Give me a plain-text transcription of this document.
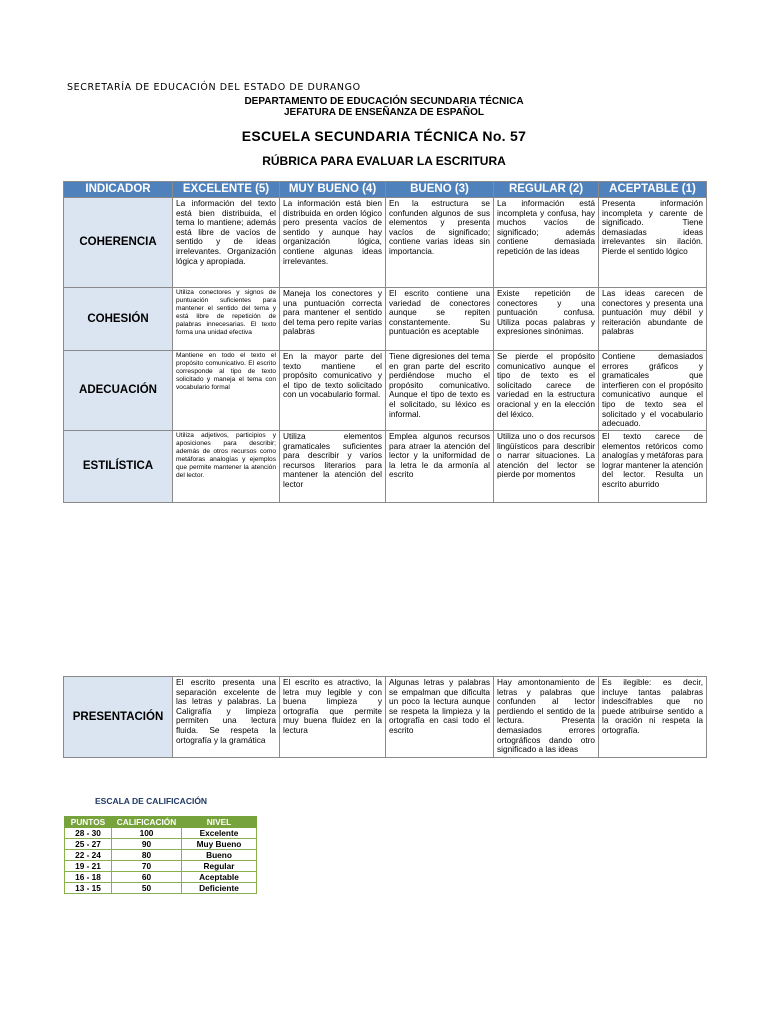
SECRETARÍA DE EDUCACIÓN DEL ESTADO DE DURANGO
DEPARTAMENTO DE EDUCACIÓN SECUNDARIA TÉCNICA
JEFATURA DE ENSEÑANZA DE ESPAÑOL
ESCUELA SECUNDARIA TÉCNICA No. 57
RÚBRICA PARA EVALUAR LA ESCRITURA
INDICADOR	EXCELENTE (5)	MUY BUENO (4)	BUENO (3)	REGULAR (2)	ACEPTABLE (1)
COHERENCIA	La información del texto está bien distribuida, el tema lo mantiene; además está libre de vacíos de sentido y de ideas irrelevantes. Organización lógica y apropiada.	La información está bien distribuida en orden lógico pero presenta vacíos de sentido y aunque hay organización lógica, contiene algunas ideas irrelevantes.	En la estructura se confunden algunos de sus elementos y presenta vacíos de significado; contiene varias ideas sin importancia.	La información está incompleta y confusa, hay muchos vacíos de significado; además contiene demasiada repetición de las ideas	Presenta información incompleta y carente de significado. Tiene demasiadas ideas irrelevantes sin ilación. Pierde el sentido lógico
COHESIÓN	Utiliza conectores y signos de puntuación suficientes para mantener el sentido del tema y está libre de repetición de palabras innecesarias. El texto forma una unidad efectiva	Maneja los conectores y una puntuación correcta para mantener el sentido del tema pero repite varias palabras	El escrito contiene una variedad de conectores aunque se repiten constantemente. Su puntuación es aceptable	Existe repetición de conectores y una puntuación confusa. Utiliza pocas palabras y expresiones sinónimas.	Las ideas carecen de conectores y presenta una puntuación muy débil y reiteración abundante de palabras
ADECUACIÓN	Mantiene en todo el texto el propósito comunicativo. El escrito corresponde al tipo de texto solicitado y maneja el tema con vocabulario formal	En la mayor parte del texto mantiene el propósito comunicativo y el tipo de texto solicitado con un vocabulario formal.	Tiene digresiones del tema en gran parte del escrito perdiéndose mucho el propósito comunicativo. Aunque el tipo de texto es el solicitado, su léxico es informal.	Se pierde el propósito comunicativo aunque el tipo de texto es el solicitado carece de variedad en la estructura oracional y en la elección del léxico.	Contiene demasiados errores gráficos y gramaticales que interfieren con el propósito comunicativo aunque el tipo de texto sea el solicitado y el vocabulario adecuado.
ESTILÍSTICA	Utiliza adjetivos, participios y aposiciones para describir; además de otros recursos como metáforas analogías y ejemplos que permite mantener la atención del lector.	Utiliza elementos gramaticales suficientes para describir y varios recursos literarios para mantener la atención del lector	Emplea algunos recursos para atraer la atención del lector y la uniformidad de la letra le da armonía al escrito	Utiliza uno o dos recursos lingüísticos para describir o narrar situaciones. La atención del lector se pierde por momentos	El texto carece de elementos retóricos como analogías y metáforas para lograr mantener la atención del lector. Resulta un escrito aburrido
PRESENTACIÓN	El escrito presenta una separación excelente de las letras y palabras. La Caligrafía y limpieza permiten una lectura fluida. Se respeta la ortografía y la gramática	El escrito es atractivo, la letra muy legible y con buena limpieza y ortografía que permite muy buena fluidez en la lectura	Algunas letras y palabras se empalman que dificulta un poco la lectura aunque se respeta la limpieza y la ortografía en casi todo el escrito	Hay amontonamiento de letras y palabras que confunden al lector perdiendo el sentido de la lectura. Presenta demasiados errores ortográficos dando otro significado a las ideas	Es ilegible: es decir, incluye tantas palabras indescifrables que no puede atribuirse sentido a la oración ni respeta la ortografía.
ESCALA DE CALIFICACIÓN
PUNTOS	CALIFICACIÓN	NIVEL
28 - 30	100	Excelente
25 - 27	90	Muy Bueno
22 - 24	80	Bueno
19 - 21	70	Regular
16 - 18	60	Aceptable
13 - 15	50	Deficiente
